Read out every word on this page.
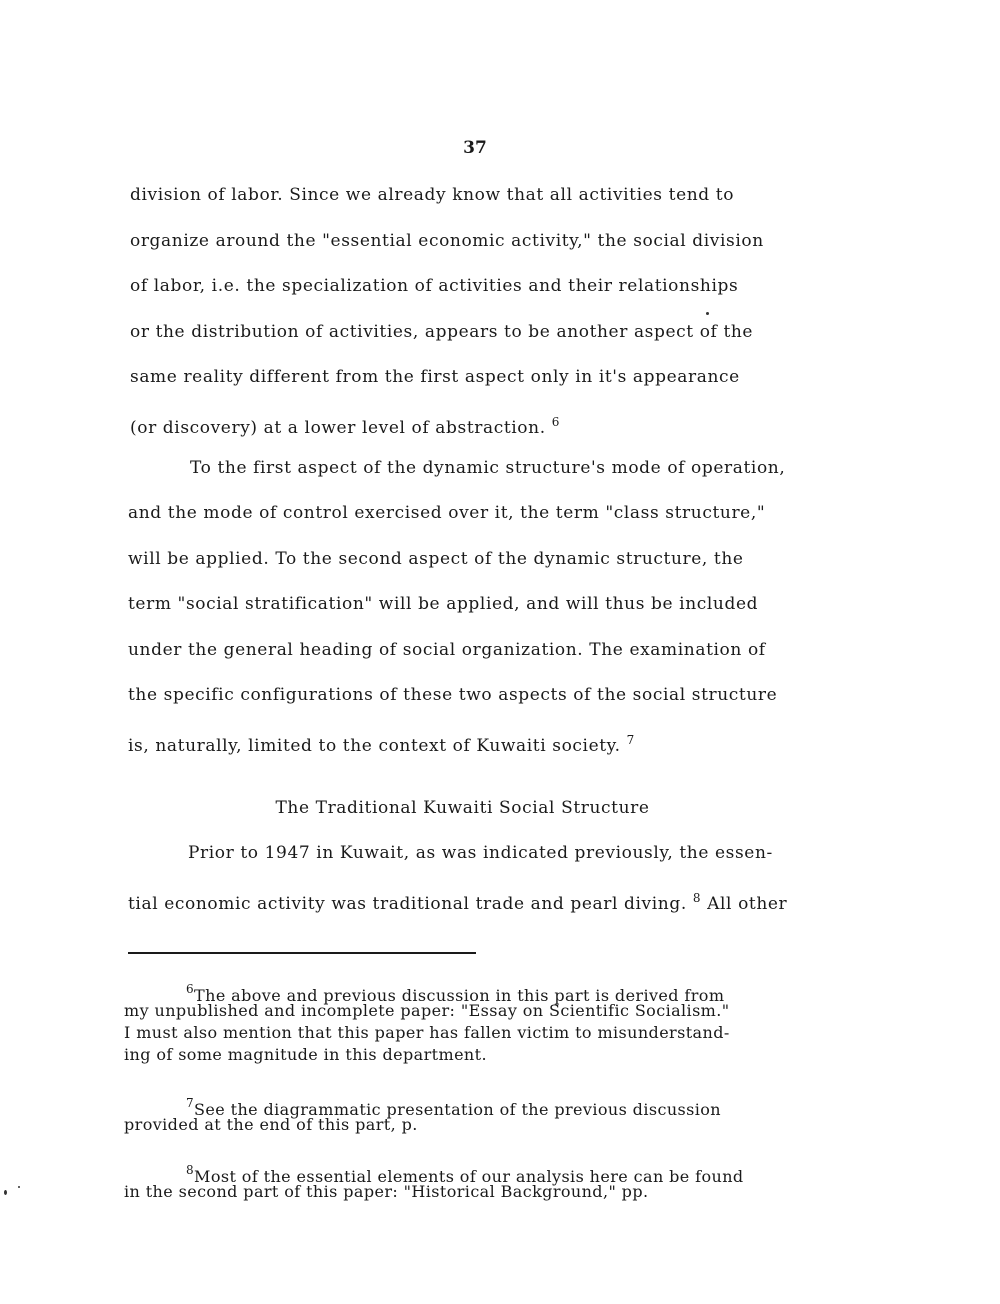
37
division of labor. Since we already know that all activities tend to
organize around the "essential economic activity," the social division
of labor, i.e. the specialization of activities and their relationships
or the distribution of activities, appears to be another aspect of the
same reality different from the first aspect only in it's appearance
(or discovery) at a lower level of abstraction. $^6$
To the first aspect of the dynamic structure's mode of operation,
and the mode of control exercised over it, the term "class structure,"
will be applied. To the second aspect of the dynamic structure, the
term "social stratification" will be applied, and will thus be included
under the general heading of social organization. The examination of
the specific configurations of these two aspects of the social structure
is, naturally, limited to the context of Kuwaiti society. $^7$
The Traditional Kuwaiti Social Structure
Prior to 1947 in Kuwait, as was indicated previously, the essen-
tial economic activity was traditional trade and pearl diving. $^8$ All other
$^6$The above and previous discussion in this part is derived from
my unpublished and incomplete paper: "Essay on Scientific Socialism."
I must also mention that this paper has fallen victim to misunderstand-
ing of some magnitude in this department.
$^7$See the diagrammatic presentation of the previous discussion
provided at the end of this part, p.
$^8$Most of the essential elements of our analysis here can be found
in the second part of this paper: "Historical Background," pp.
